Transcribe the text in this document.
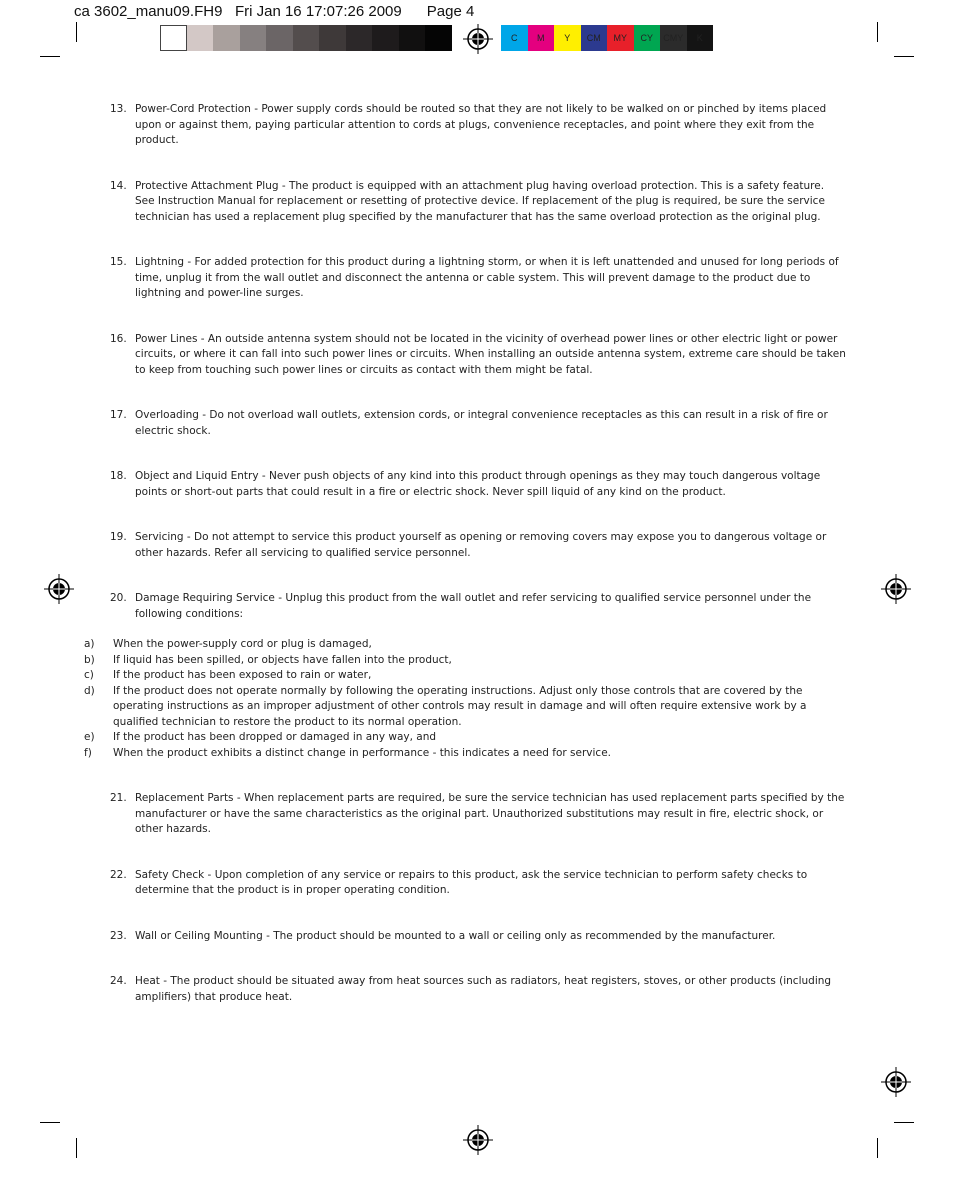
ca 3602_manu09.FH9 Fri Jan 16 17:07:26 2009 Page 4
C	M	Y	CM	MY	CY	CMY	K
13. Power-Cord Protection - Power supply cords should be routed so that they are not likely to be walked on or pinched by items placed upon or against them, paying particular attention to cords at plugs, convenience receptacles, and point where they exit from the product.
14. Protective Attachment Plug - The product is equipped with an attachment plug having overload protection. This is a safety feature. See Instruction Manual for replacement or resetting of protective device. If replacement of the plug is required, be sure the service technician has used a replacement plug specified by the manufacturer that has the same overload protection as the original plug.
15. Lightning - For added protection for this product during a lightning storm, or when it is left unattended and unused for long periods of time, unplug it from the wall outlet and disconnect the antenna or cable system. This will prevent damage to the product due to lightning and power-line surges.
16. Power Lines - An outside antenna system should not be located in the vicinity of overhead power lines or other electric light or power circuits, or where it can fall into such power lines or circuits. When installing an outside antenna system, extreme care should be taken to keep from touching such power lines or circuits as contact with them might be fatal.
17. Overloading - Do not overload wall outlets, extension cords, or integral convenience receptacles as this can result in a risk of fire or electric shock.
18. Object and Liquid Entry - Never push objects of any kind into this product through openings as they may touch dangerous voltage points or short-out parts that could result in a fire or electric shock. Never spill liquid of any kind on the product.
19. Servicing - Do not attempt to service this product yourself as opening or removing covers may expose you to dangerous voltage or other hazards. Refer all servicing to qualified service personnel.
20. Damage Requiring Service - Unplug this product from the wall outlet and refer servicing to qualified service personnel under the following conditions:
a)	When the power-supply cord or plug is damaged,
b)	If liquid has been spilled, or objects have fallen into the product,
c)	If the product has been exposed to rain or water,
d)	If the product does not operate normally by following the operating instructions. Adjust only those controls that are covered by the operating instructions as an improper adjustment of other controls may result in damage and will often require extensive work by a qualified technician to restore the product to its normal operation.
e)	If the product has been dropped or damaged in any way, and
f)	When the product exhibits a distinct change in performance - this indicates a need for service.
21. Replacement Parts - When replacement parts are required, be sure the service technician has used replacement parts specified by the manufacturer or have the same characteristics as the original part. Unauthorized substitutions may result in fire, electric shock, or other hazards.
22. Safety Check - Upon completion of any service or repairs to this product, ask the service technician to perform safety checks to determine that the product is in proper operating condition.
23. Wall or Ceiling Mounting - The product should be mounted to a wall or ceiling only as recommended by the manufacturer.
24. Heat - The product should be situated away from heat sources such as radiators, heat registers, stoves, or other products (including amplifiers) that produce heat.
